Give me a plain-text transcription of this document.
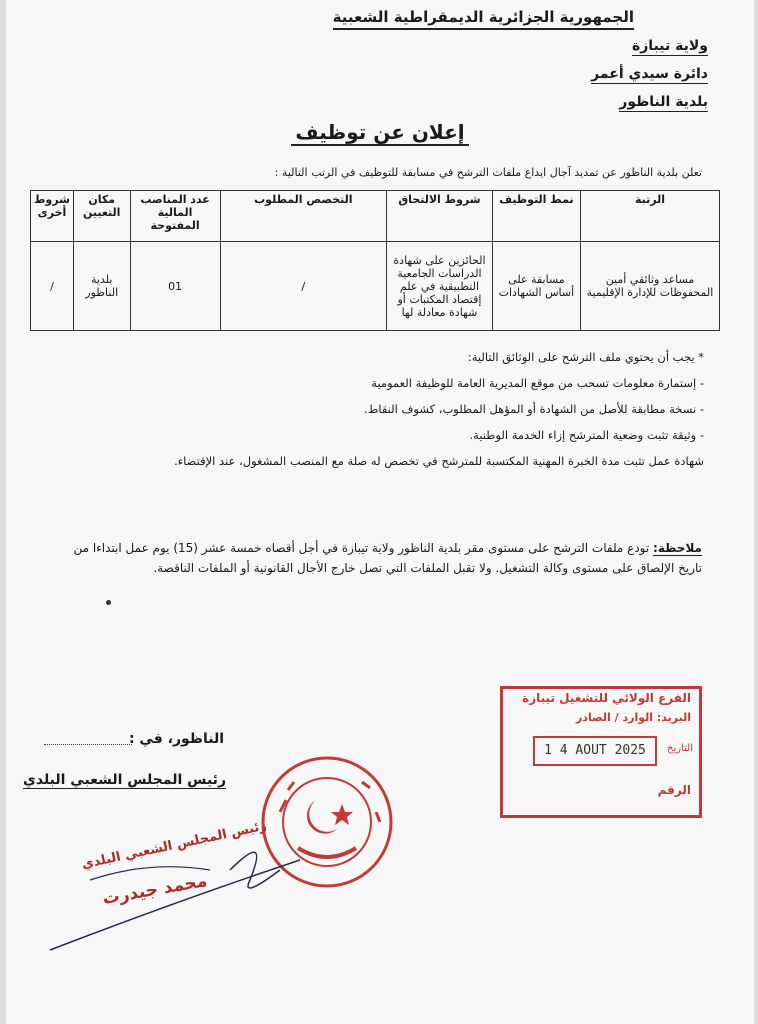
الجمهورية الجزائرية الديمقراطية الشعبية
ولاية تيبازة
دائرة سيدي أعمر
بلدية الناظور
إعلان عن توظيف
تعلن بلدية الناظور عن تمديد آجال ايداع ملفات الترشح في مسابقة للتوظيف في الرتب التالية :
الرتبة	نمط التوظيف	شروط الالتحاق	التخصص المطلوب	عدد المناصب المالية المفتوحة	مكان التعيين	شروط أخرى
مساعد وثائقي أمين المحفوظات للإدارة الإقليمية	مسابقة على أساس الشهادات	الحائزين على شهادة الدراسات الجامعية التطبيقية في علم إقتصاد المكتبات أو شهادة معادلة لها	/	01	بلدية الناظور	/
* يجب أن يحتوي ملف الترشح على الوثائق التالية:
- إستمارة معلومات تسحب من موقع المديرية العامة للوظيفة العمومية
- نسخة مطابقة للأصل من الشهادة أو المؤهل المطلوب، كشوف النقاط.
- وثيقة تثبت وضعية المترشح إزاء الخدمة الوطنية.
شهادة عمل تثبت مدة الخبرة المهنية المكتسبة للمترشح في تخصص له صلة مع المنصب المشغول، عند الإقتضاء.
ملاحظة: تودع ملفات الترشح على مستوى مقر بلدية الناظور ولاية تيبازة في أجل أقصاه خمسة عشر (15) يوم عمل ابتداءا من تاريخ الإلصاق على مستوى وكالة التشغيل. ولا تقبل الملفات التي تصل خارج الأجال القانونية أو الملفات الناقصة.
الناظور، في :
رئيس المجلس الشعبي البلدي
الفرع الولائي للتشغيل تيبازة
البريد: الوارد / الصادر
التاريخ
1 4 AOUT 2025
الرقم
رئيس المجلس الشعبي البلدي
محمد جيدرت
